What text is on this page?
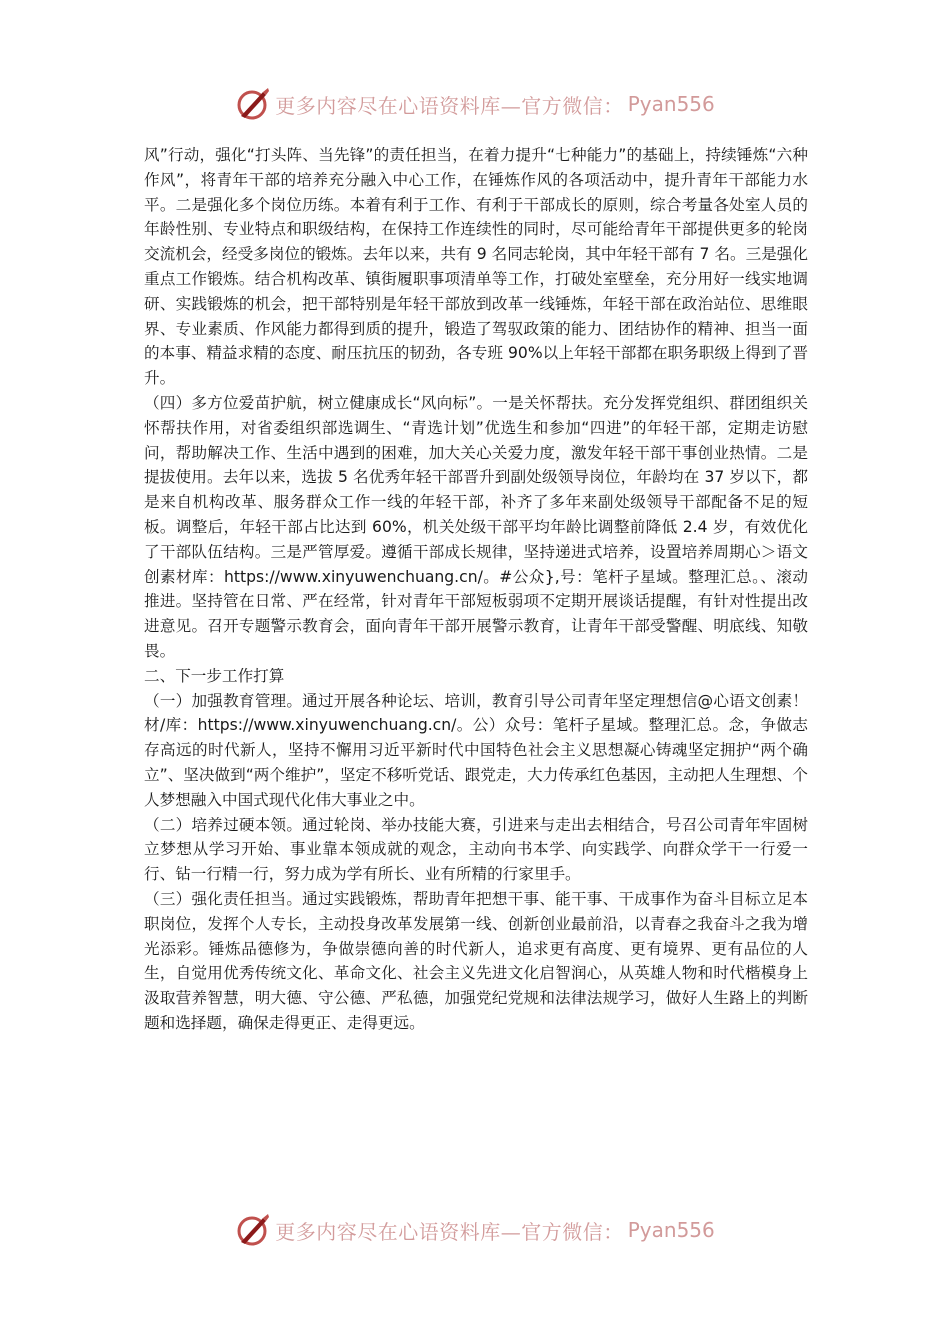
更多内容尽在心语资料库—官方微信： Pyan556

风”行动，强化“打头阵、当先锋”的责任担当，在着力提升“七种能力”的基础上，持续锤炼“六种作风”，将青年干部的培养充分融入中心工作，在锤炼作风的各项活动中，提升青年干部能力水平。二是强化多个岗位历练。本着有利于工作、有利于干部成长的原则，综合考量各处室人员的年龄性别、专业特点和职级结构，在保持工作连续性的同时，尽可能给青年干部提供更多的轮岗交流机会，经受多岗位的锻炼。去年以来，共有 9 名同志轮岗，其中年轻干部有 7 名。三是强化重点工作锻炼。结合机构改革、镇街履职事项清单等工作，打破处室壁垒，充分用好一线实地调研、实践锻炼的机会，把干部特别是年轻干部放到改革一线锤炼，年轻干部在政治站位、思维眼界、专业素质、作风能力都得到质的提升，锻造了驾驭政策的能力、团结协作的精神、担当一面的本事、精益求精的态度、耐压抗压的韧劲，各专班 90%以上年轻干部都在职务职级上得到了晋升。

（四）多方位爱苗护航，树立健康成长“风向标”。一是关怀帮扶。充分发挥党组织、群团组织关怀帮扶作用，对省委组织部选调生、“青选计划”优选生和参加“四进”的年轻干部，定期走访慰问，帮助解决工作、生活中遇到的困难，加大关心关爱力度，激发年轻干部干事创业热情。二是提拔使用。去年以来，选拔 5 名优秀年轻干部晋升到副处级领导岗位，年龄均在 37 岁以下，都是来自机构改革、服务群众工作一线的年轻干部，补齐了多年来副处级领导干部配备不足的短板。调整后，年轻干部占比达到 60%，机关处级干部平均年龄比调整前降低 2.4 岁，有效优化了干部队伍结构。三是严管厚爱。遵循干部成长规律，坚持递进式培养，设置培养周期心＞语文创素材库：https://www.xinyuwenchuang.cn/。#公众},号：笔杆子星域。整理汇总。、滚动推进。坚持管在日常、严在经常，针对青年干部短板弱项不定期开展谈话提醒，有针对性提出改进意见。召开专题警示教育会，面向青年干部开展警示教育，让青年干部受警醒、明底线、知敬畏。

二、下一步工作打算

（一）加强教育管理。通过开展各种论坛、培训，教育引导公司青年坚定理想信@心语文创素！材/库：https://www.xinyuwenchuang.cn/。公）众号：笔杆子星域。整理汇总。念，争做志存高远的时代新人，坚持不懈用习近平新时代中国特色社会主义思想凝心铸魂坚定拥护“两个确立”、坚决做到“两个维护”，坚定不移听党话、跟党走，大力传承红色基因，主动把人生理想、个人梦想融入中国式现代化伟大事业之中。

（二）培养过硬本领。通过轮岗、举办技能大赛，引进来与走出去相结合，号召公司青年牢固树立梦想从学习开始、事业靠本领成就的观念，主动向书本学、向实践学、向群众学干一行爱一行、钻一行精一行，努力成为学有所长、业有所精的行家里手。

（三）强化责任担当。通过实践锻炼，帮助青年把想干事、能干事、干成事作为奋斗目标立足本职岗位，发挥个人专长，主动投身改革发展第一线、创新创业最前沿，以青春之我奋斗之我为增光添彩。锤炼品德修为，争做崇德向善的时代新人，追求更有高度、更有境界、更有品位的人生，自觉用优秀传统文化、革命文化、社会主义先进文化启智润心，从英雄人物和时代楷模身上汲取营养智慧，明大德、守公德、严私德，加强党纪党规和法律法规学习，做好人生路上的判断题和选择题，确保走得更正、走得更远。

更多内容尽在心语资料库—官方微信： Pyan556
